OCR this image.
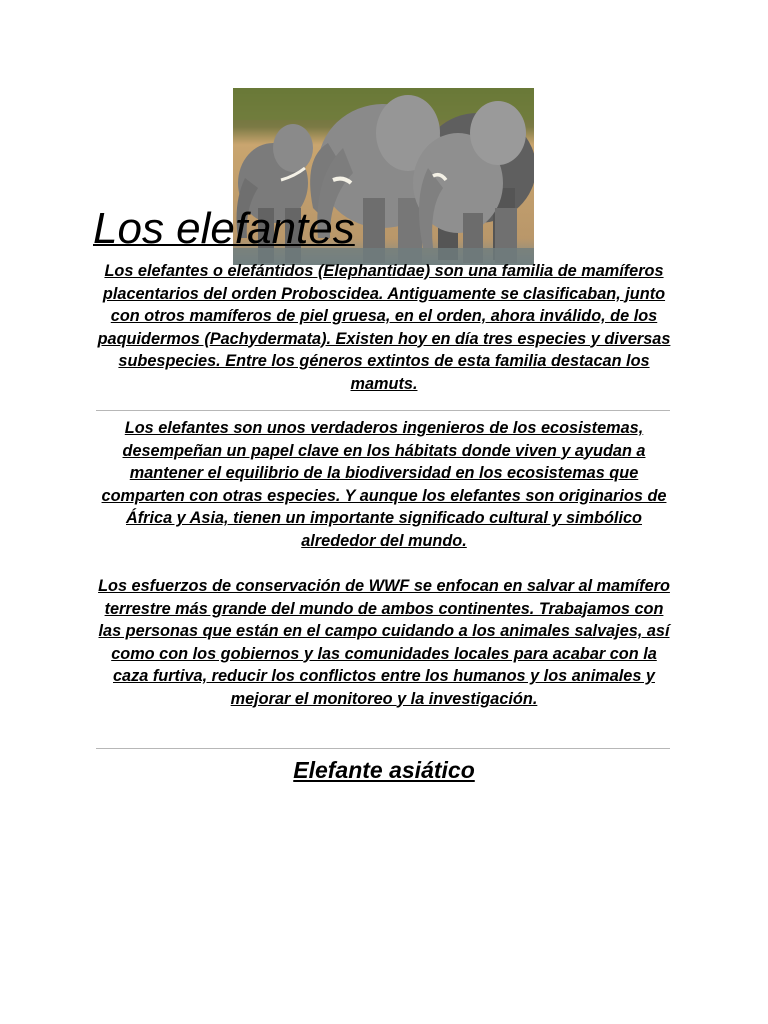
Los elefantes

Los elefantes o elefántidos (Elephantidae) son una familia de mamíferos placentarios del orden Proboscidea. Antiguamente se clasificaban, junto con otros mamíferos de piel gruesa, en el orden, ahora inválido, de los paquidermos (Pachydermata). Existen hoy en día tres especies y diversas subespecies. Entre los géneros extintos de esta familia destacan los mamuts.

Los elefantes son unos verdaderos ingenieros de los ecosistemas, desempeñan un papel clave en los hábitats donde viven y ayudan a mantener el equilibrio de la biodiversidad en los ecosistemas que comparten con otras especies. Y aunque los elefantes son originarios de África y Asia, tienen un importante significado cultural y simbólico alrededor del mundo.

Los esfuerzos de conservación de WWF se enfocan en salvar al mamífero terrestre más grande del mundo de ambos continentes. Trabajamos con las personas que están en el campo cuidando a los animales salvajes, así como con los gobiernos y las comunidades locales para acabar con la caza furtiva, reducir los conflictos entre los humanos y los animales y mejorar el monitoreo y la investigación.

Elefante asiático
